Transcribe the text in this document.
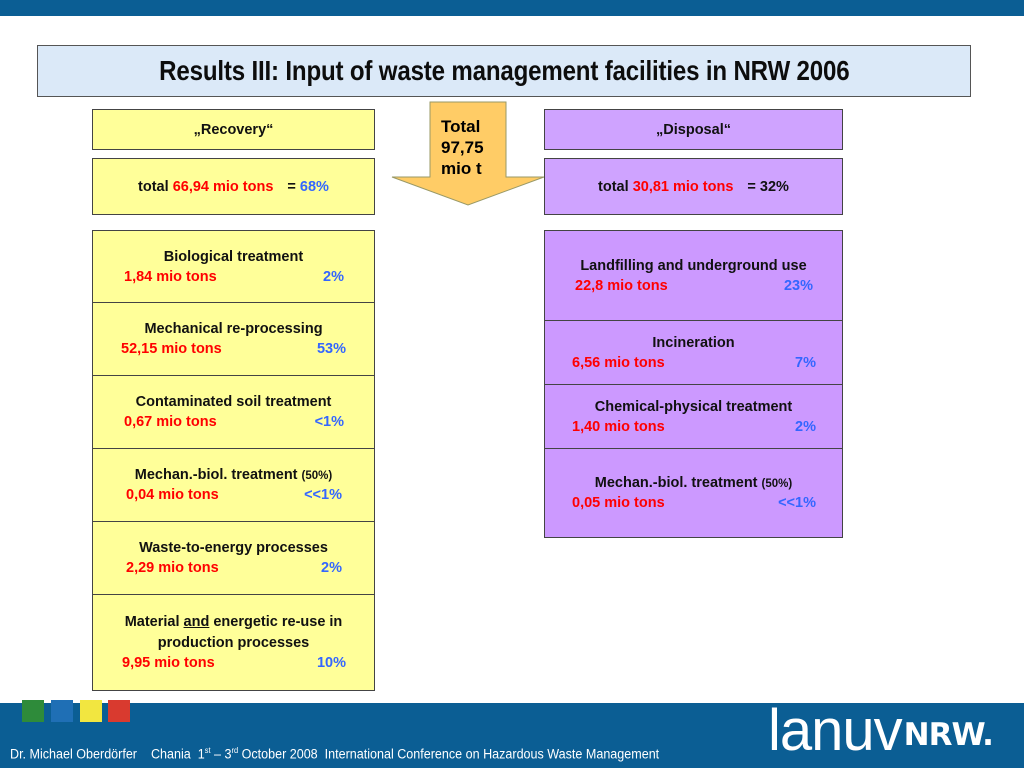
Results III: Input of waste management facilities in NRW 2006
„Recovery“
total 66,94 mio tons = 68%
Biological treatment
1,84 mio tons	2%
Mechanical re-processing
52,15 mio tons	53%
Contaminated soil treatment
0,67 mio tons	<1%
Mechan.-biol. treatment (50%)
0,04 mio tons	<<1%
Waste-to-energy processes
2,29 mio tons	2%
Material and energetic re-use in
production processes
9,95 mio tons	10%
Total
97,75
mio t
„Disposal“
total 30,81 mio tons = 32%
Landfilling and underground use
22,8 mio tons	23%
Incineration
6,56 mio tons	7%
Chemical-physical treatment
1,40 mio tons	2%
Mechan.-biol. treatment (50%)
0,05 mio tons	<<1%
Dr. Michael Oberdörfer Chania  1st – 3rd October 2008  International Conference on Hazardous Waste Management lanuv NRW.
